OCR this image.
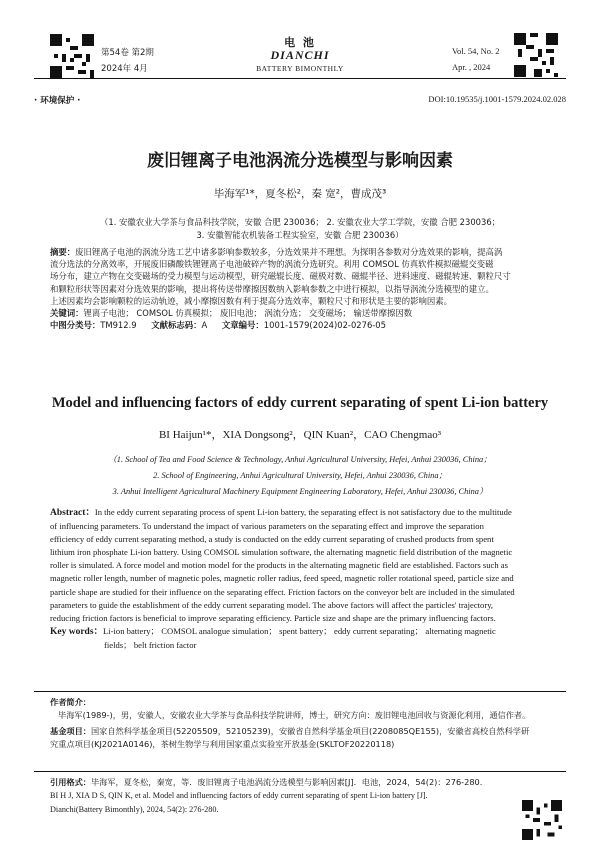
第54卷 第2期
2024年 4月
电 池
DIANCHI
BATTERY BIMONTHLY
Vol. 54, No. 2
Apr. , 2024
· 环境保护 ·	DOI:10.19535/j.1001-1579.2024.02.028
废旧锂离子电池涡流分选模型与影响因素
毕海军¹*，夏冬松²，秦 宽²，曹成茂³
（1. 安徽农业大学茶与食品科技学院，安徽 合肥 230036； 2. 安徽农业大学工学院，安徽 合肥 230036；
3. 安徽智能农机装备工程实验室，安徽 合肥 230036）
摘要：废旧锂离子电池的涡流分选工艺中诸多影响参数较多，分选效果并不理想。为探明各参数对分选效果的影响，提高涡
流分选法的分离效率，开展废旧磷酸铁锂锂离子电池破碎产物的涡流分选研究。利用 COMSOL 仿真软件模拟磁辊交变磁
场分布，建立产物在交变磁场的受力模型与运动模型，研究磁辊长度、磁极对数、磁辊半径、进料速度、磁辊转速、颗粒尺寸
和颗粒形状等因素对分选效果的影响，提出将传送带摩擦因数纳入影响参数之中进行模拟，以指导涡流分选模型的建立。
上述因素均会影响颗粒的运动轨迹，减小摩擦因数有利于提高分选效率，颗粒尺寸和形状是主要的影响因素。
关键词：锂离子电池； COMSOL 仿真模拟； 废旧电池； 涡流分选； 交变磁场； 输送带摩擦因数
中图分类号：TM912.9 文献标志码：A 文章编号：1001-1579(2024)02-0276-05
Model and influencing factors of eddy current separating of spent Li-ion battery
BI Haijun¹*，XIA Dongsong²，QIN Kuan²，CAO Chengmao³
（1. School of Tea and Food Science & Technology, Anhui Agricultural University, Hefei, Anhui 230036, China；
2. School of Engineering, Anhui Agricultural University, Hefei, Anhui 230036, China；
3. Anhui Intelligent Agricultural Machinery Equipment Engineering Laboratory, Hefei, Anhui 230036, China）
Abstract：In the eddy current separating process of spent Li-ion battery, the separating effect is not satisfactory due to the multitude
of influencing parameters. To understand the impact of various parameters on the separating effect and improve the separation
efficiency of eddy current separating method, a study is conducted on the eddy current separating of crushed products from spent
lithium iron phosphate Li-ion battery. Using COMSOL simulation software, the alternating magnetic field distribution of the magnetic
roller is simulated. A force model and motion model for the products in the alternating magnetic field are established. Factors such as
magnetic roller length, number of magnetic poles, magnetic roller radius, feed speed, magnetic roller rotational speed, particle size and
particle shape are studied for their influence on the separating effect. Friction factors on the conveyor belt are included in the simulated
parameters to guide the establishment of the eddy current separating model. The above factors will affect the particles' trajectory,
reducing friction factors is beneficial to improve separating efficiency. Particle size and shape are the primary influencing factors.
Key words：Li-ion battery； COMSOL analogue simulation； spent battery； eddy current separating； alternating magnetic
fields； belt friction factor
作者简介：
毕海军(1989-)，男，安徽人，安徽农业大学茶与食品科技学院讲师，博士，研究方向：废旧锂电池回收与资源化利用，通信作者。
基金项目：国家自然科学基金项目(52205509，52105239)，安徽省自然科学基金项目(2208085QE155)，安徽省高校自然科学研
究重点项目(KJ2021A0146)，茶树生物学与利用国家重点实验室开放基金(SKLTOF20220118)
引用格式：毕海军，夏冬松，秦宽，等．废旧锂离子电池涡流分选模型与影响因素[J]．电池，2024，54(2)：276-280.
BI H J, XIA D S, QIN K, et al. Model and influencing factors of eddy current separating of spent Li-ion battery [J].
Dianchi(Battery Bimonthly), 2024, 54(2): 276-280.
